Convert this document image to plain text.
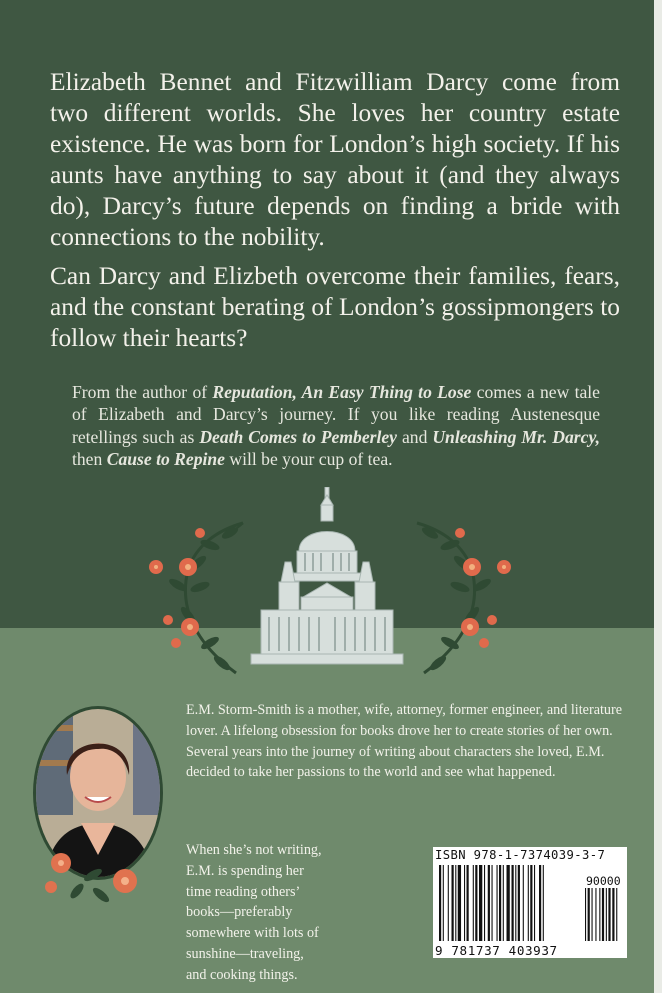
Elizabeth Bennet and Fitzwilliam Darcy come from two different worlds. She loves her country estate existence. He was born for London’s high society. If his aunts have anything to say about it (and they always do), Darcy’s future depends on finding a bride with connections to the nobility.

Can Darcy and Elizbeth overcome their families, fears, and the constant berating of London’s gossipmongers to follow their hearts?

From the author of Reputation, An Easy Thing to Lose comes a new tale of Elizabeth and Darcy’s journey. If you like reading Austenesque retellings such as Death Comes to Pemberley and Unleashing Mr. Darcy, then Cause to Repine will be your cup of tea.

E.M. Storm-Smith is a mother, wife, attorney, former engineer, and literature lover. A lifelong obsession for books drove her to create stories of her own. Several years into the journey of writing about characters she loved, E.M. decided to take her passions to the world and see what happened.

When she’s not writing, E.M. is spending her time reading others’ books—preferably somewhere with lots of sunshine—traveling, and cooking things.

ISBN 978-1-7374039-3-7
90000
9 781737 403937
